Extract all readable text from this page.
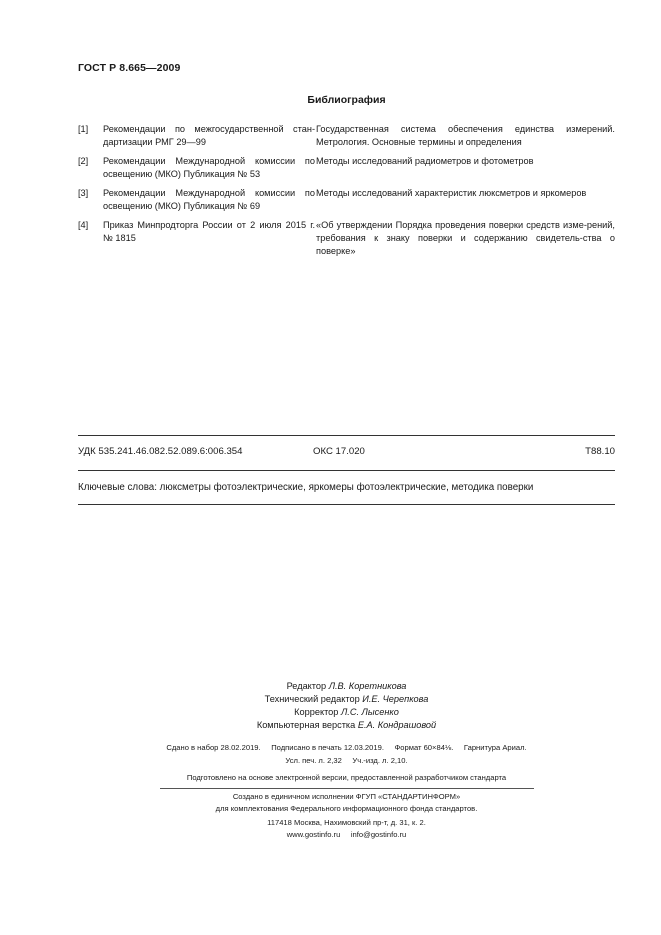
ГОСТ Р 8.665—2009
Библиография
[1] Рекомендации по межгосударственной стан-дартизации РМГ 29—99
Государственная система обеспечения единства измерений. Метрология. Основные термины и определения
[2] Рекомендации Международной комиссии по освещению (МКО) Публикация № 53
Методы исследований радиометров и фотометров
[3] Рекомендации Международной комиссии по освещению (МКО) Публикация № 69
Методы исследований характеристик люксметров и яркомеров
[4] Приказ Минпродторга России от 2 июля 2015 г. № 1815
«Об утверждении Порядка проведения поверки средств изме-рений, требования к знаку поверки и содержанию свидетель-ства о поверке»
УДК 535.241.46.082.52.089.6:006.354	ОКС 17.020	Т88.10
Ключевые слова: люксметры фотоэлектрические, яркомеры фотоэлектрические, методика поверки
Редактор Л.В. Коретникова
Технический редактор И.Е. Черепкова
Корректор Л.С. Лысенко
Компьютерная верстка Е.А. Кондрашовой
Сдано в набор 28.02.2019. Подписано в печать 12.03.2019. Формат 60×84⅛. Гарнитура Ариал.
Усл. печ. л. 2,32 Уч.-изд. л. 2,10.
Подготовлено на основе электронной версии, предоставленной разработчиком стандарта
Создано в единичном исполнении ФГУП «СТАНДАРТИНФОРМ»
для комплектования Федерального информационного фонда стандартов.
117418 Москва, Нахимовский пр-т, д. 31, к. 2.
www.gostinfo.ru info@gostinfo.ru
